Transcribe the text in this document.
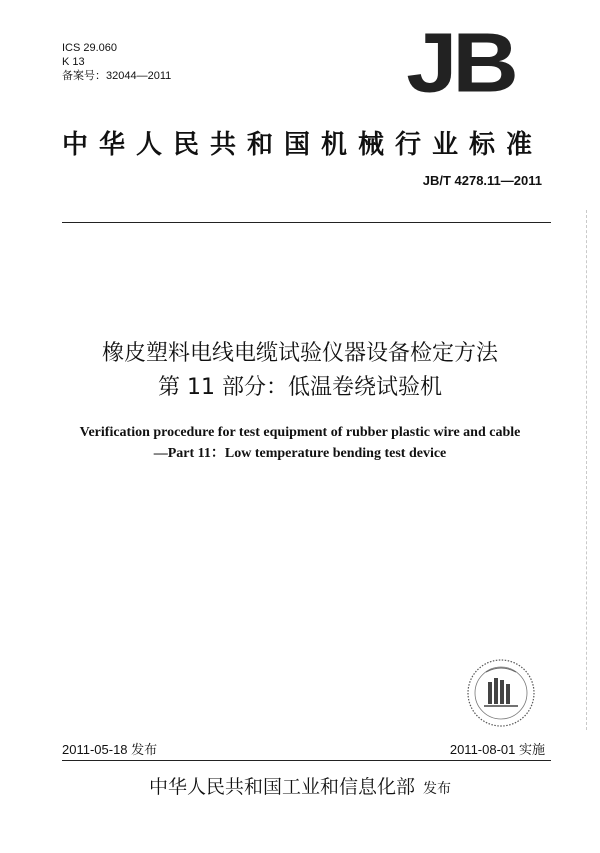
ICS 29.060
K 13
备案号：32044—2011	JB
中华人民共和国机械行业标准
JB/T 4278.11—2011
橡皮塑料电线电缆试验仪器设备检定方法
第 11 部分：低温卷绕试验机
Verification procedure for test equipment of rubber plastic wire and cable
—Part 11：Low temperature bending test device
2011-05-18 发布	2011-08-01 实施
中华人民共和国工业和信息化部 发布
